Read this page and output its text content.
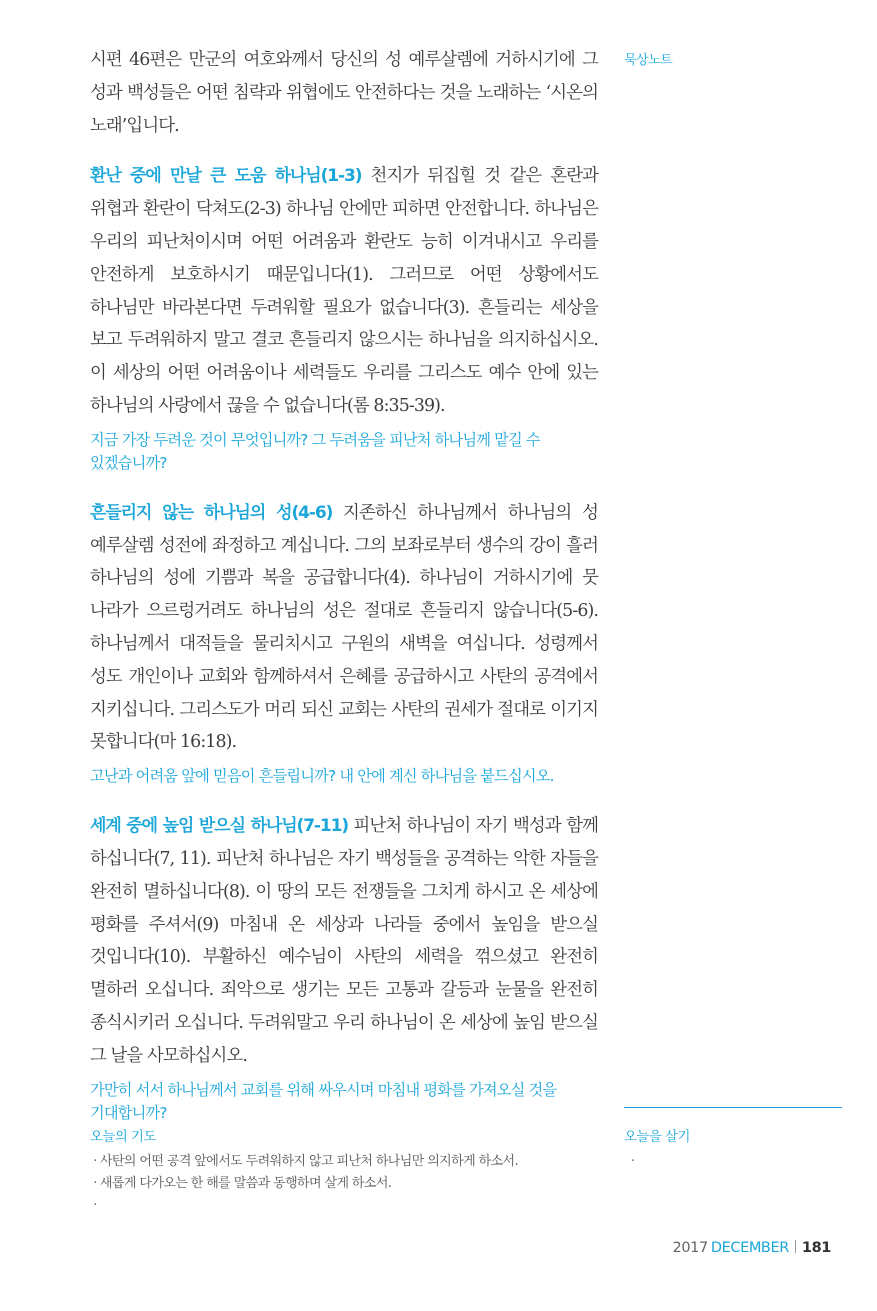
시편 46편은 만군의 여호와께서 당신의 성 예루살렘에 거하시기에 그 성과 백성들은 어떤 침략과 위협에도 안전하다는 것을 노래하는 ‘시온의 노래’입니다.

환난 중에 만날 큰 도움 하나님(1-3) 천지가 뒤집힐 것 같은 혼란과 위협과 환란이 닥쳐도(2-3) 하나님 안에만 피하면 안전합니다. 하나님은 우리의 피난처이시며 어떤 어려움과 환란도 능히 이겨내시고 우리를 안전하게 보호하시기 때문입니다(1). 그러므로 어떤 상황에서도 하나님만 바라본다면 두려워할 필요가 없습니다(3). 흔들리는 세상을 보고 두려워하지 말고 결코 흔들리지 않으시는 하나님을 의지하십시오. 이 세상의 어떤 어려움이나 세력들도 우리를 그리스도 예수 안에 있는 하나님의 사랑에서 끊을 수 없습니다(롬 8:35-39).

지금 가장 두려운 것이 무엇입니까? 그 두려움을 피난처 하나님께 맡길 수 있겠습니까?

흔들리지 않는 하나님의 성(4-6) 지존하신 하나님께서 하나님의 성 예루살렘 성전에 좌정하고 계십니다. 그의 보좌로부터 생수의 강이 흘러 하나님의 성에 기쁨과 복을 공급합니다(4). 하나님이 거하시기에 뭇 나라가 으르렁거려도 하나님의 성은 절대로 흔들리지 않습니다(5-6). 하나님께서 대적들을 물리치시고 구원의 새벽을 여십니다. 성령께서 성도 개인이나 교회와 함께하셔서 은혜를 공급하시고 사탄의 공격에서 지키십니다. 그리스도가 머리 되신 교회는 사탄의 권세가 절대로 이기지 못합니다(마 16:18).

고난과 어려움 앞에 믿음이 흔들립니까? 내 안에 계신 하나님을 붙드십시오.

세계 중에 높임 받으실 하나님(7-11) 피난처 하나님이 자기 백성과 함께 하십니다(7, 11). 피난처 하나님은 자기 백성들을 공격하는 악한 자들을 완전히 멸하십니다(8). 이 땅의 모든 전쟁들을 그치게 하시고 온 세상에 평화를 주셔서(9) 마침내 온 세상과 나라들 중에서 높임을 받으실 것입니다(10). 부활하신 예수님이 사탄의 세력을 꺾으셨고 완전히 멸하러 오십니다. 죄악으로 생기는 모든 고통과 갈등과 눈물을 완전히 종식시키러 오십니다. 두려워말고 우리 하나님이 온 세상에 높임 받으실 그 날을 사모하십시오.

가만히 서서 하나님께서 교회를 위해 싸우시며 마침내 평화를 가져오실 것을 기대합니까?

묵상노트

오늘의 기도

· 사탄의 어떤 공격 앞에서도 두려워하지 않고 피난처 하나님만 의지하게 하소서.
· 새롭게 다가오는 한 해를 말씀과 동행하며 살게 하소서.
·

오늘을 살기

·
2017 DECEMBER 181
